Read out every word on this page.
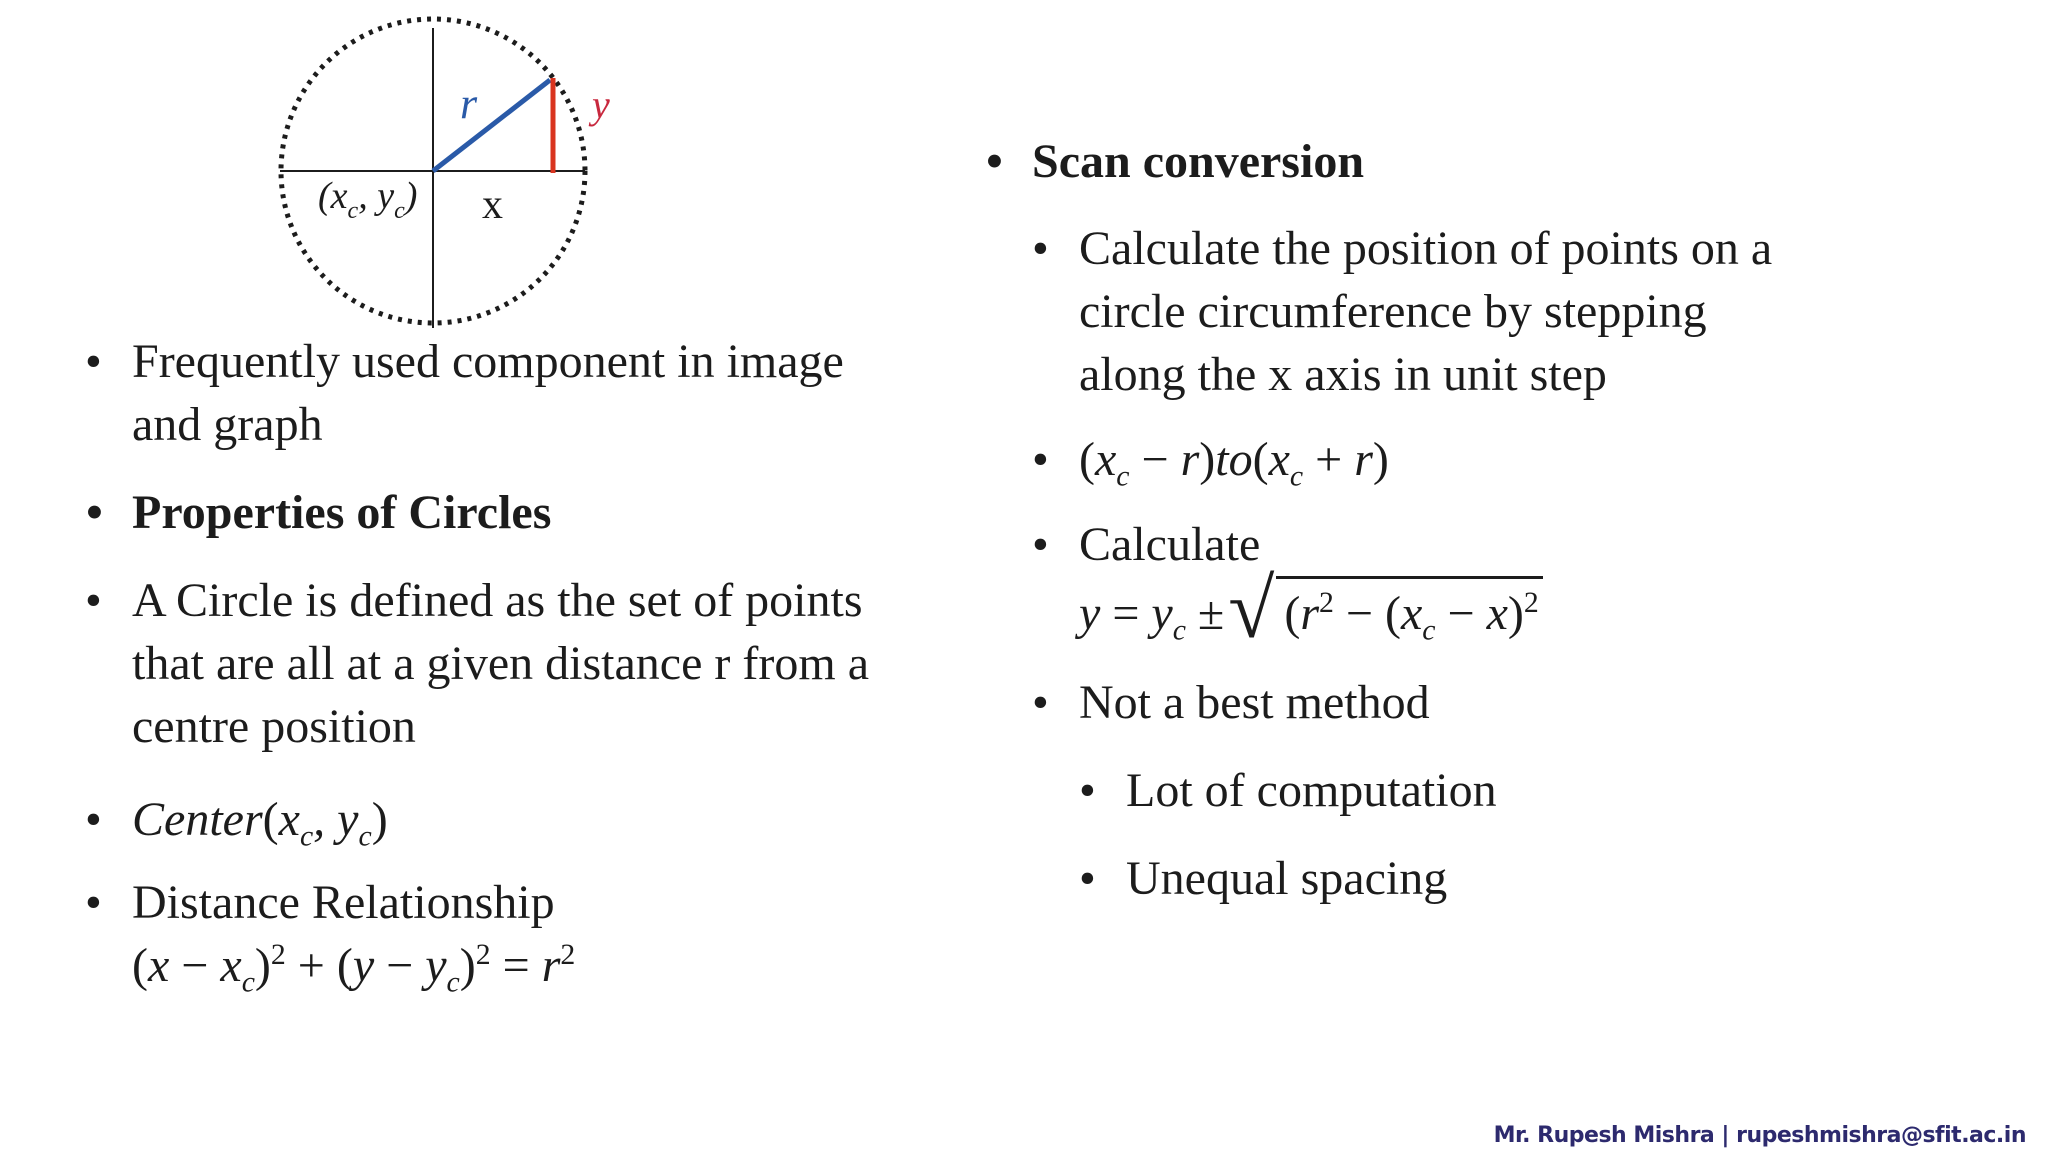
r	y
x
($x_c$, $y_c$)
• Frequently used component in image and graph
• Properties of Circles
• A Circle is defined as the set of points that are all at a given distance r from a centre position
• $Center(x_c$, $y_c$)
• Distance Relationship
$(x - x_c)^2 + (y - y_c)^2 = r^2$
• Scan conversion
• Calculate the position of points on a circle circumference by stepping along the x axis in unit step
• $(x_c - r)to(x_c + r)$
• Calculate
$y = y_c$ ±√ ($r^2 - (x_c - x)^2$
• Not a best method
• Lot of computation
• Unequal spacing
Mr. Rupesh Mishra | rupeshmishra@sfit.ac.in
